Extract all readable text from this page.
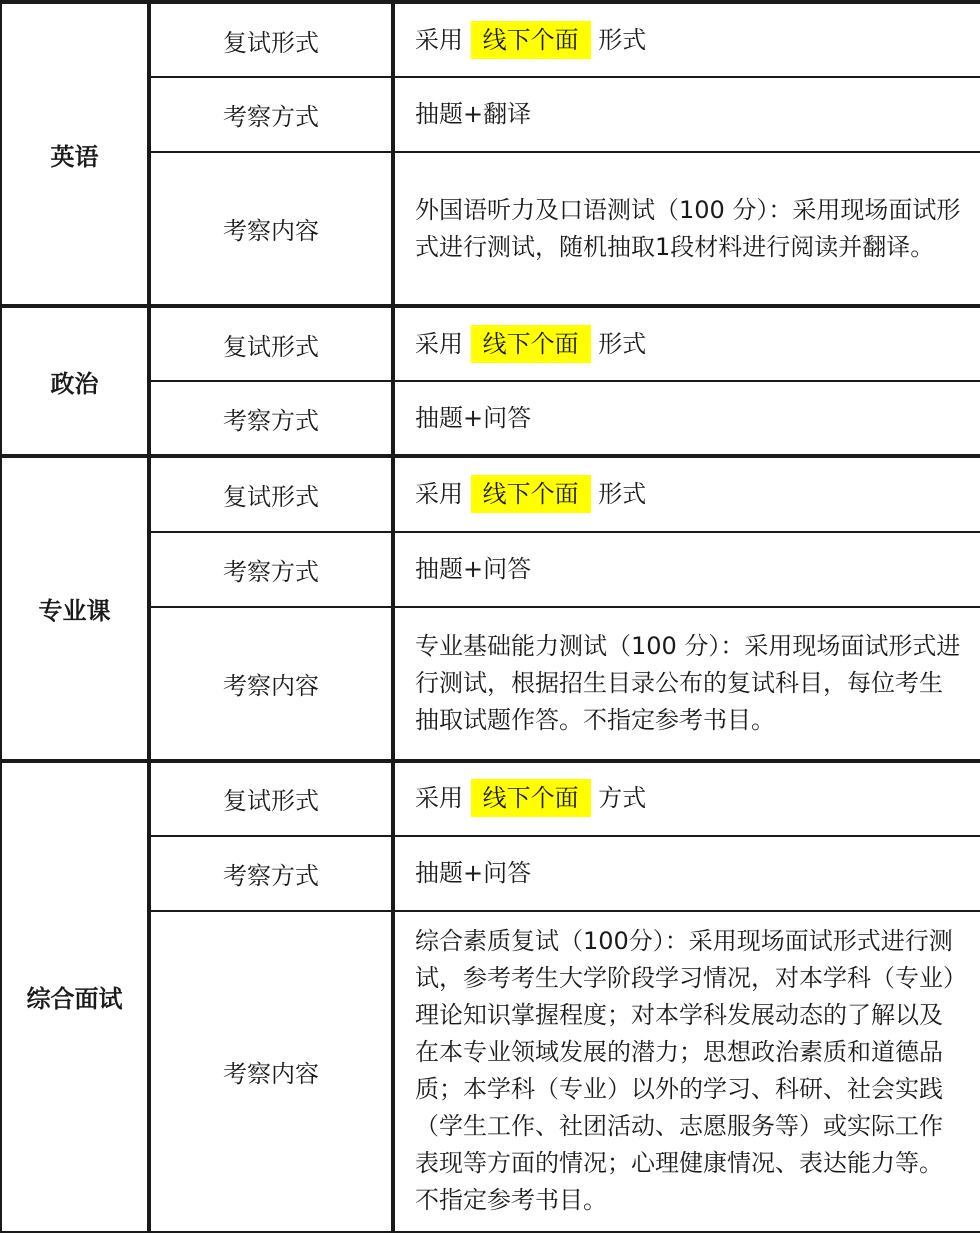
英语	复试形式	采用 线下个面 形式
	考察方式	抽题+翻译
	考察内容	外国语听力及口语测试（100 分）：采用现场面试形式进行测试，随机抽取1段材料进行阅读并翻译。
政治	复试形式	采用 线下个面 形式
	考察方式	抽题+问答
专业课	复试形式	采用 线下个面 形式
	考察方式	抽题+问答
	考察内容	专业基础能力测试（100 分）：采用现场面试形式进行测试，根据招生目录公布的复试科目，每位考生抽取试题作答。不指定参考书目。
综合面试	复试形式	采用 线下个面 方式
	考察方式	抽题+问答
	考察内容	综合素质复试（100分）：采用现场面试形式进行测试，参考考生大学阶段学习情况，对本学科（专业）理论知识掌握程度；对本学科发展动态的了解以及在本专业领域发展的潜力；思想政治素质和道德品质；本学科（专业）以外的学习、科研、社会实践（学生工作、社团活动、志愿服务等）或实际工作表现等方面的情况；心理健康情况、表达能力等。不指定参考书目。
